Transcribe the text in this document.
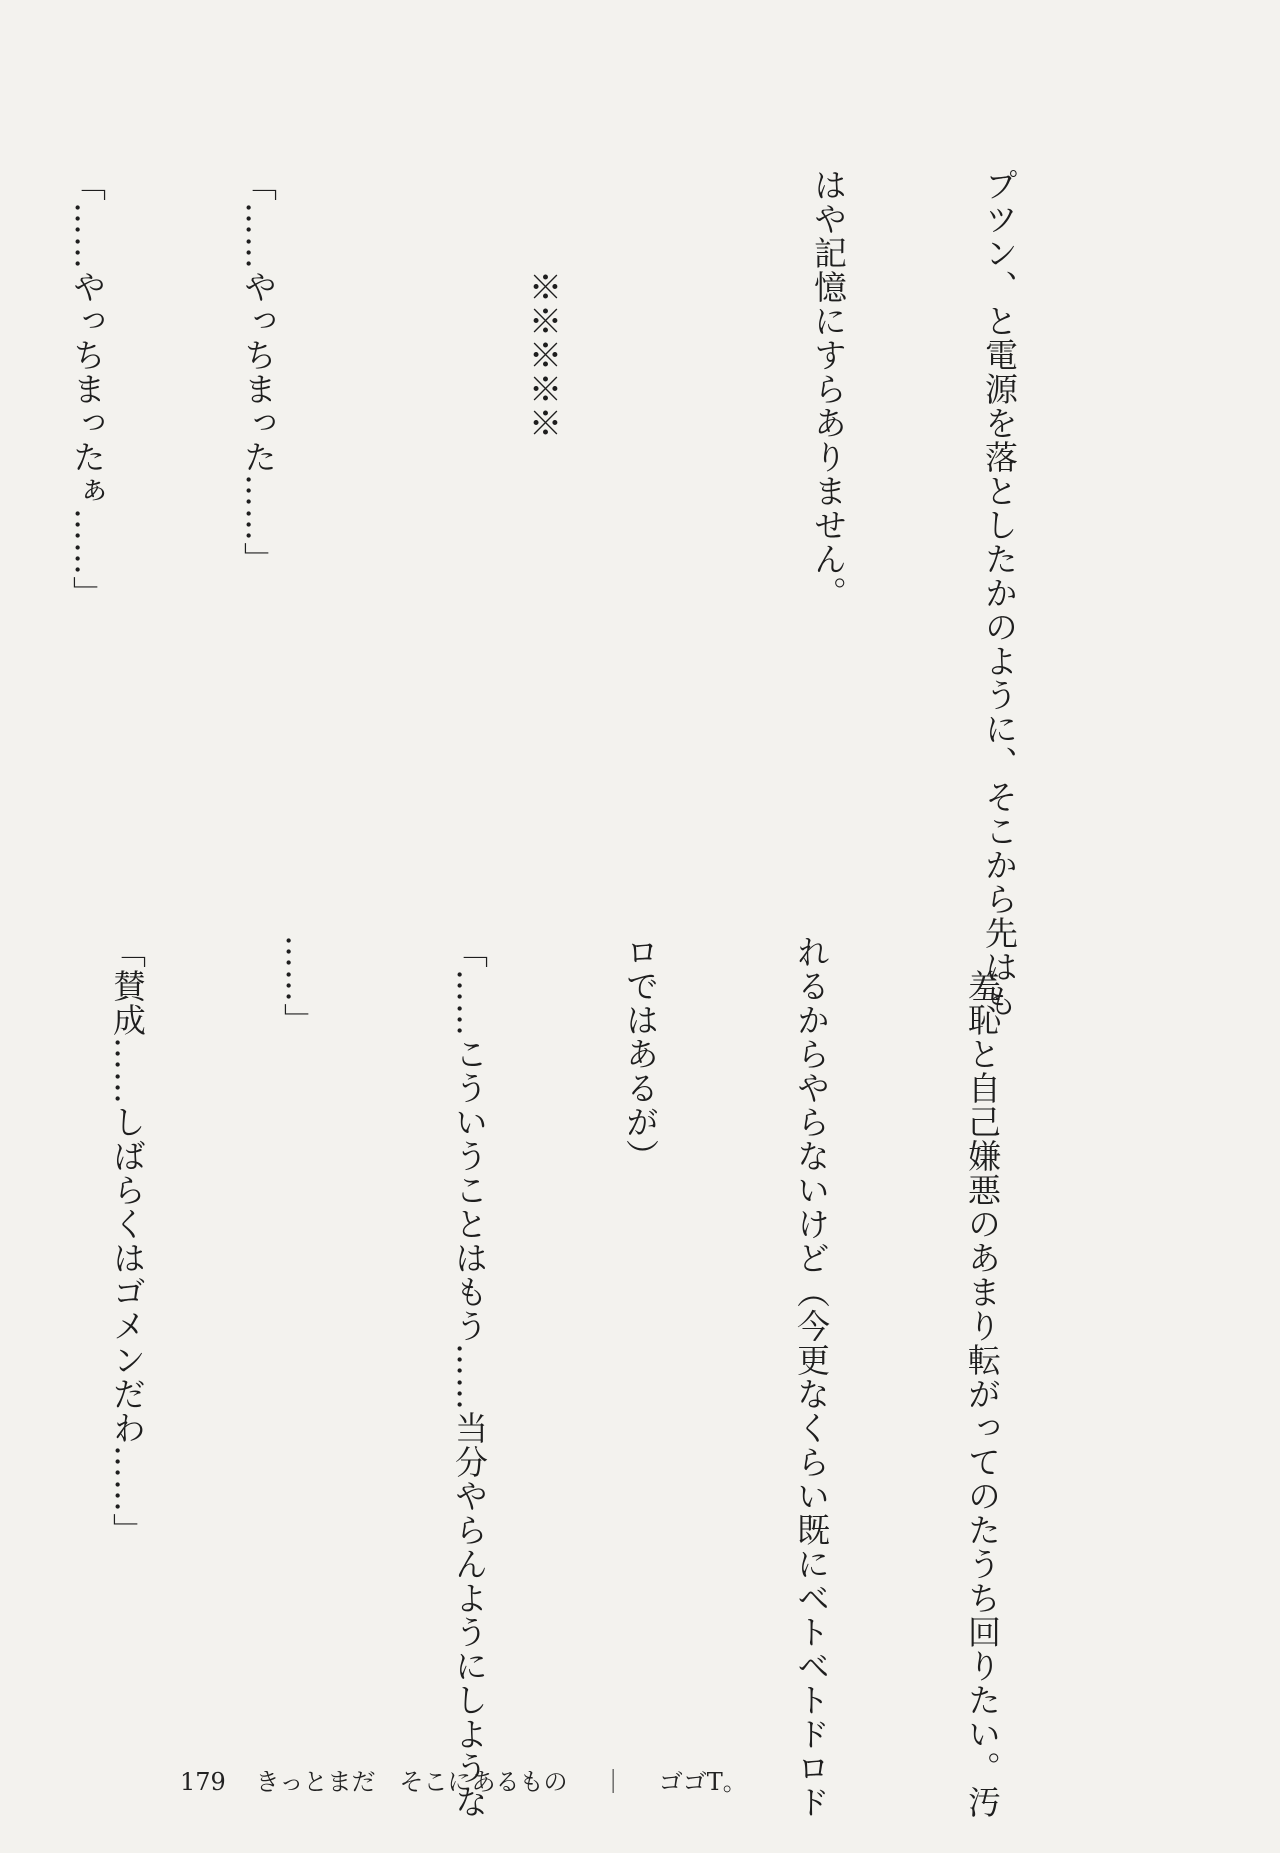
プツン、と電源を落としたかのように、そこから先はも

はや記憶にすらありません。

　　　※※※※※

「……やっちまった……」

「……やっちまったぁ……」

　羞恥と自己嫌悪のあまり転がってのたうち回りたい。汚

れるからやらないけど（今更なくらい既にベトベトドロド

ロではあるが）

「……こういうことはもう……当分やらんようにしような

……」

「賛成……しばらくはゴメンだわ……」

179 きっとまだ　そこにあるもの ｜ ゴゴT。
